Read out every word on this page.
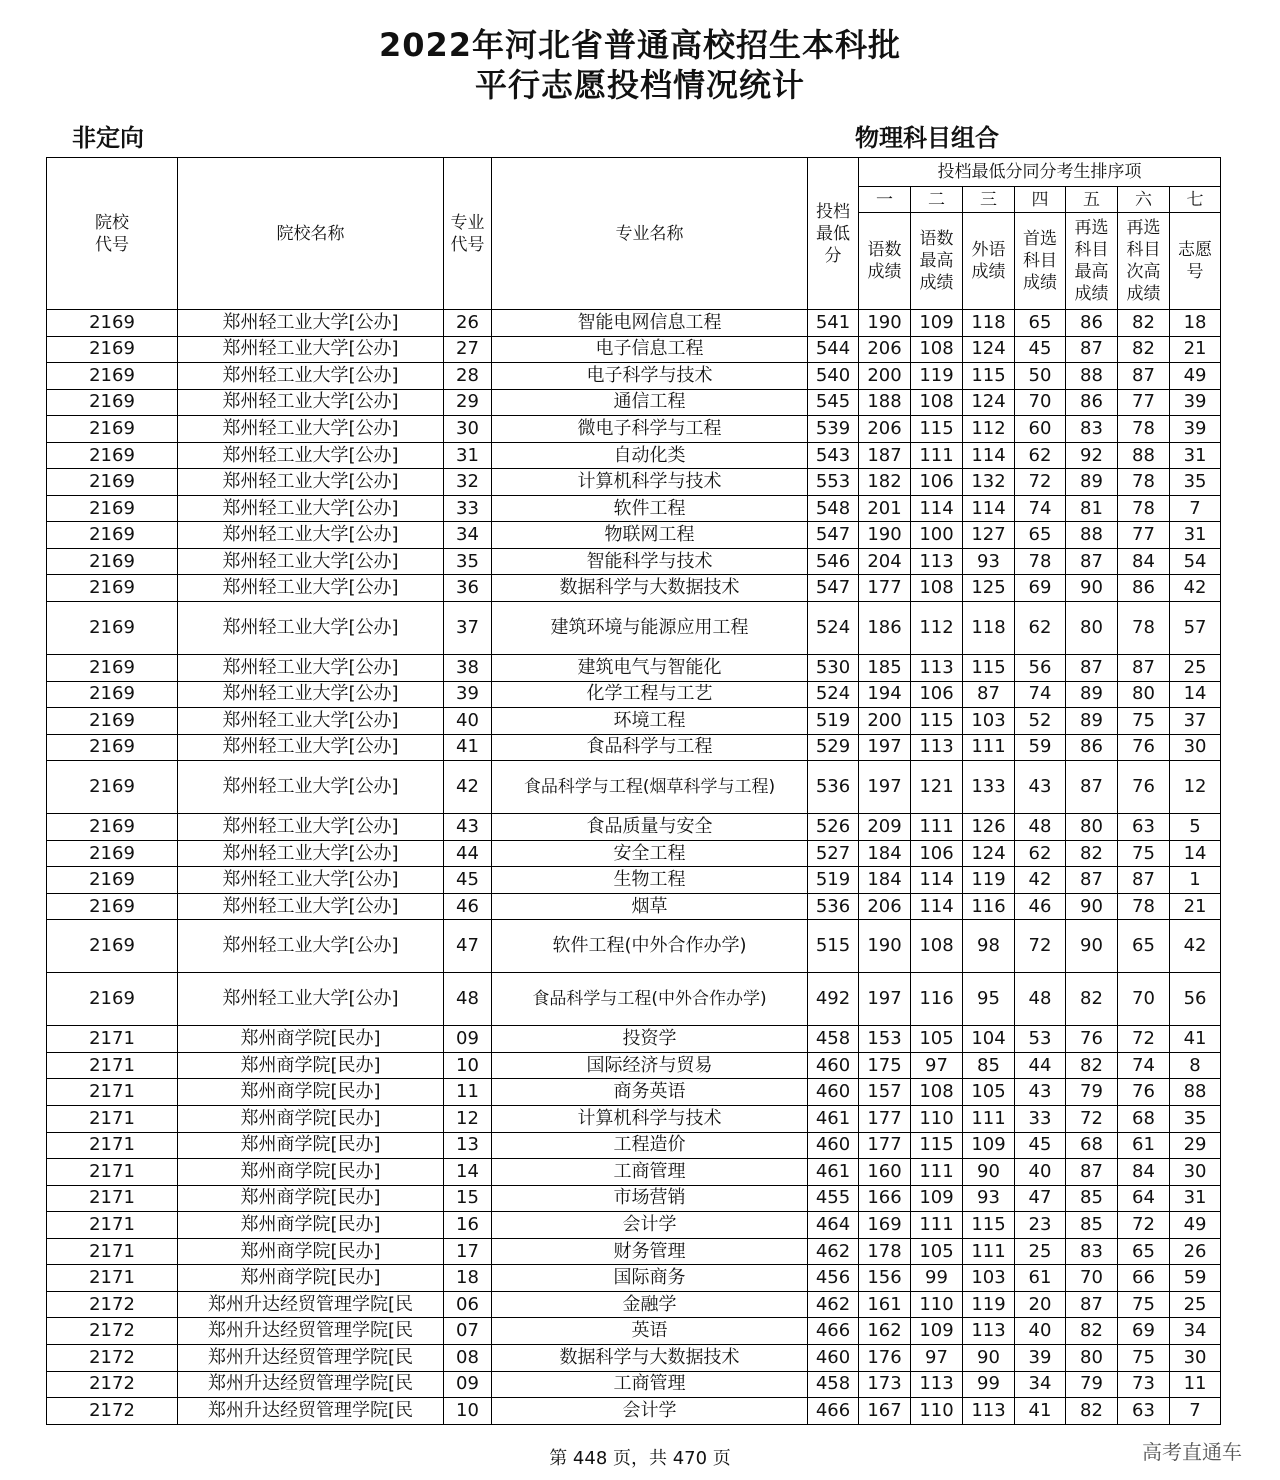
2022年河北省普通高校招生本科批
平行志愿投档情况统计
非定向	物理科目组合
院校代号	院校名称	专业代号	专业名称	投档最低分	投档最低分同分考生排序项						
					一	二	三	四	五	六	七

					语数成绩	语数最高成绩	外语成绩	首选科目成绩	再选科目最高成绩	再选科目次高成绩	志愿号

2169	郑州轻工业大学[公办]	26	智能电网信息工程	541	190	109	118	65	86	82	18
2169	郑州轻工业大学[公办]	27	电子信息工程	544	206	108	124	45	87	82	21
2169	郑州轻工业大学[公办]	28	电子科学与技术	540	200	119	115	50	88	87	49
2169	郑州轻工业大学[公办]	29	通信工程	545	188	108	124	70	86	77	39
2169	郑州轻工业大学[公办]	30	微电子科学与工程	539	206	115	112	60	83	78	39
2169	郑州轻工业大学[公办]	31	自动化类	543	187	111	114	62	92	88	31
2169	郑州轻工业大学[公办]	32	计算机科学与技术	553	182	106	132	72	89	78	35
2169	郑州轻工业大学[公办]	33	软件工程	548	201	114	114	74	81	78	7
2169	郑州轻工业大学[公办]	34	物联网工程	547	190	100	127	65	88	77	31
2169	郑州轻工业大学[公办]	35	智能科学与技术	546	204	113	93	78	87	84	54
2169	郑州轻工业大学[公办]	36	数据科学与大数据技术	547	177	108	125	69	90	86	42
2169	郑州轻工业大学[公办]	37	建筑环境与能源应用工程	524	186	112	118	62	80	78	57
2169	郑州轻工业大学[公办]	38	建筑电气与智能化	530	185	113	115	56	87	87	25
2169	郑州轻工业大学[公办]	39	化学工程与工艺	524	194	106	87	74	89	80	14
2169	郑州轻工业大学[公办]	40	环境工程	519	200	115	103	52	89	75	37
2169	郑州轻工业大学[公办]	41	食品科学与工程	529	197	113	111	59	86	76	30
2169	郑州轻工业大学[公办]	42	食品科学与工程(烟草科学与工程)	536	197	121	133	43	87	76	12
2169	郑州轻工业大学[公办]	43	食品质量与安全	526	209	111	126	48	80	63	5
2169	郑州轻工业大学[公办]	44	安全工程	527	184	106	124	62	82	75	14
2169	郑州轻工业大学[公办]	45	生物工程	519	184	114	119	42	87	87	1
2169	郑州轻工业大学[公办]	46	烟草	536	206	114	116	46	90	78	21
2169	郑州轻工业大学[公办]	47	软件工程(中外合作办学)	515	190	108	98	72	90	65	42
2169	郑州轻工业大学[公办]	48	食品科学与工程(中外合作办学)	492	197	116	95	48	82	70	56
2171	郑州商学院[民办]	09	投资学	458	153	105	104	53	76	72	41
2171	郑州商学院[民办]	10	国际经济与贸易	460	175	97	85	44	82	74	8
2171	郑州商学院[民办]	11	商务英语	460	157	108	105	43	79	76	88
2171	郑州商学院[民办]	12	计算机科学与技术	461	177	110	111	33	72	68	35
2171	郑州商学院[民办]	13	工程造价	460	177	115	109	45	68	61	29
2171	郑州商学院[民办]	14	工商管理	461	160	111	90	40	87	84	30
2171	郑州商学院[民办]	15	市场营销	455	166	109	93	47	85	64	31
2171	郑州商学院[民办]	16	会计学	464	169	111	115	23	85	72	49
2171	郑州商学院[民办]	17	财务管理	462	178	105	111	25	83	65	26
2171	郑州商学院[民办]	18	国际商务	456	156	99	103	61	70	66	59
2172	郑州升达经贸管理学院[民	06	金融学	462	161	110	119	20	87	75	25
2172	郑州升达经贸管理学院[民	07	英语	466	162	109	113	40	82	69	34
2172	郑州升达经贸管理学院[民	08	数据科学与大数据技术	460	176	97	90	39	80	75	30
2172	郑州升达经贸管理学院[民	09	工商管理	458	173	113	99	34	79	73	11
2172	郑州升达经贸管理学院[民	10	会计学	466	167	110	113	41	82	63	7
第 448 页，共 470 页	高考直通车
